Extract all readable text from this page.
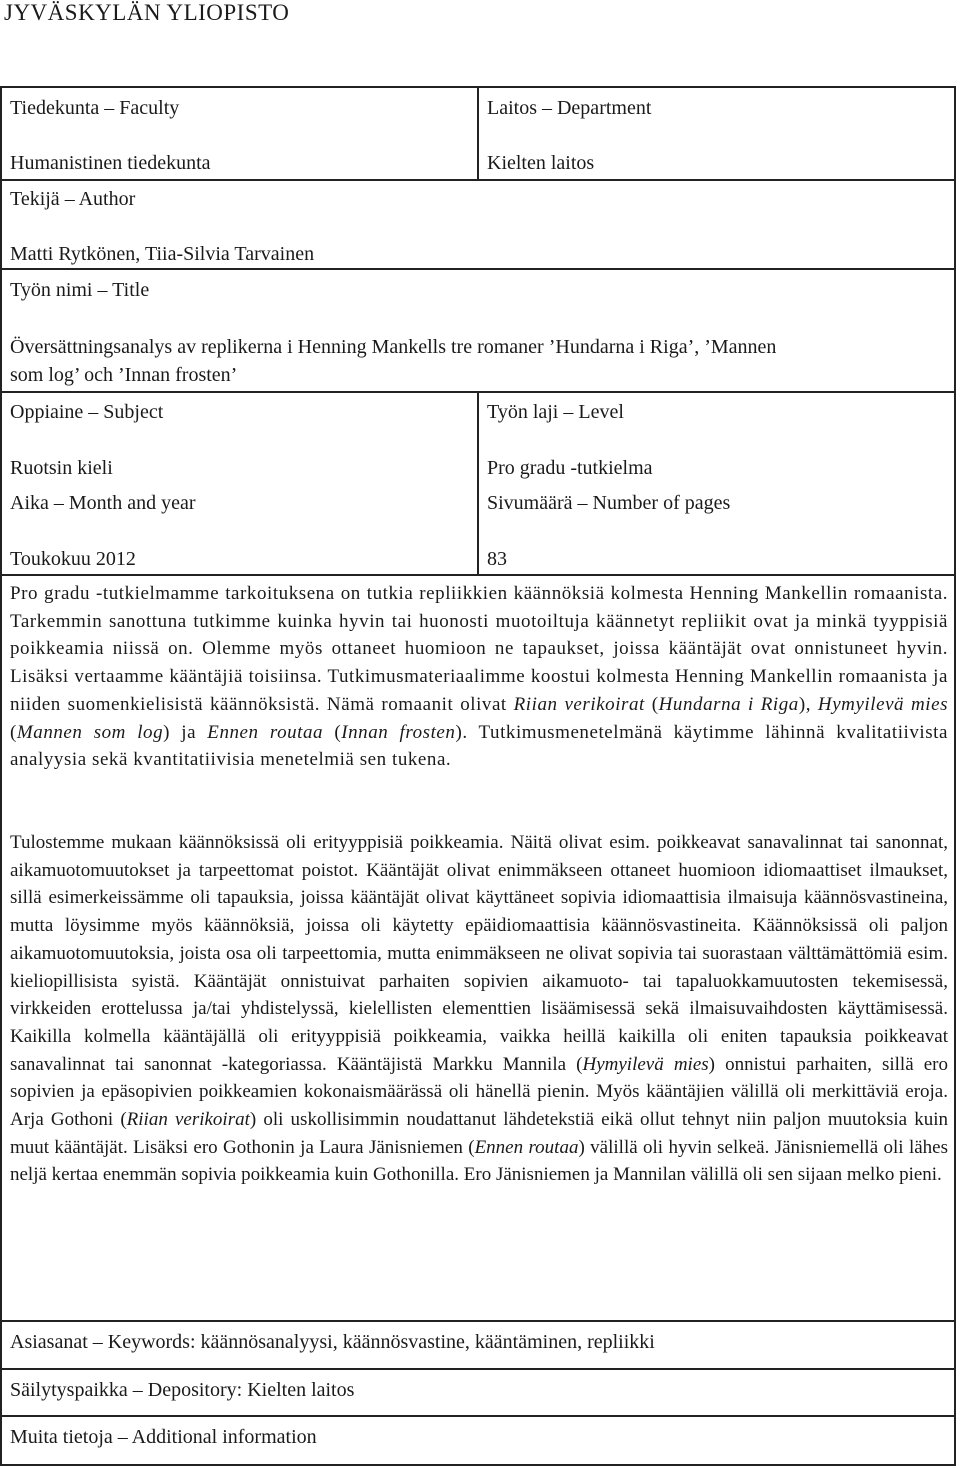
JYVÄSKYLÄN YLIOPISTO
Tiedekunta – Faculty
Humanistinen tiedekunta
Laitos – Department
Kielten laitos
Tekijä – Author
Matti Rytkönen, Tiia-Silvia Tarvainen
Työn nimi – Title
Översättningsanalys av replikerna i Henning Mankells tre romaner ’Hundarna i Riga’, ’Mannen
som log’ och ’Innan frosten’
Oppiaine – Subject
Ruotsin kieli
Työn laji – Level
Pro gradu -tutkielma
Aika – Month and year
Toukokuu 2012
Sivumäärä – Number of pages
83

Pro gradu -tutkielmamme tarkoituksena on tutkia repliikkien käännöksiä kolmesta Henning Mankellin romaanista. Tarkemmin sanottuna tutkimme kuinka hyvin tai huonosti muotoiltuja käännetyt repliikit ovat ja minkä tyyppisiä poikkeamia niissä on. Olemme myös ottaneet huomioon ne tapaukset, joissa kääntäjät ovat onnistuneet hyvin. Lisäksi vertaamme kääntäjiä toisiinsa. Tutkimusmateriaalimme koostui kolmesta Henning Mankellin romaanista ja niiden suomenkielisistä käännöksistä. Nämä romaanit olivat Riian verikoirat (Hundarna i Riga), Hymyilevä mies (Mannen som log) ja Ennen routaa (Innan frosten). Tutkimusmenetelmänä käytimme lähinnä kvalitatiivista analyysia sekä kvantitatiivisia menetelmiä sen tukena.

Tulostemme mukaan käännöksissä oli erityyppisiä poikkeamia. Näitä olivat esim. poikkeavat sanavalinnat tai sanonnat, aikamuotomuutokset ja tarpeettomat poistot. Kääntäjät olivat enimmäkseen ottaneet huomioon idiomaattiset ilmaukset, sillä esimerkeissämme oli tapauksia, joissa kääntäjät olivat käyttäneet sopivia idiomaattisia ilmaisuja käännösvastineina, mutta löysimme myös käännöksiä, joissa oli käytetty epäidiomaattisia käännösvastineita. Käännöksissä oli paljon aikamuotomuutoksia, joista osa oli tarpeettomia, mutta enimmäkseen ne olivat sopivia tai suorastaan välttämättömiä esim. kieliopillisista syistä. Kääntäjät onnistuivat parhaiten sopivien aikamuoto- tai tapaluokkamuutosten tekemisessä, virkkeiden erottelussa ja/tai yhdistelyssä, kielellisten elementtien lisäämisessä sekä ilmaisuvaihdosten käyttämisessä. Kaikilla kolmella kääntäjällä oli erityyppisiä poikkeamia, vaikka heillä kaikilla oli eniten tapauksia poikkeavat sanavalinnat tai sanonnat -kategoriassa. Kääntäjistä Markku Mannila (Hymyilevä mies) onnistui parhaiten, sillä ero sopivien ja epäsopivien poikkeamien kokonaismäärässä oli hänellä pienin. Myös kääntäjien välillä oli merkittäviä eroja. Arja Gothoni (Riian verikoirat) oli uskollisimmin noudattanut lähdetekstiä eikä ollut tehnyt niin paljon muutoksia kuin muut kääntäjät. Lisäksi ero Gothonin ja Laura Jänisniemen (Ennen routaa) välillä oli hyvin selkeä. Jänisniemellä oli lähes neljä kertaa enemmän sopivia poikkeamia kuin Gothonilla. Ero Jänisniemen ja Mannilan välillä oli sen sijaan melko pieni.

Asiasanat – Keywords: käännösanalyysi, käännösvastine, kääntäminen, repliikki
Säilytyspaikka – Depository: Kielten laitos
Muita tietoja – Additional information
